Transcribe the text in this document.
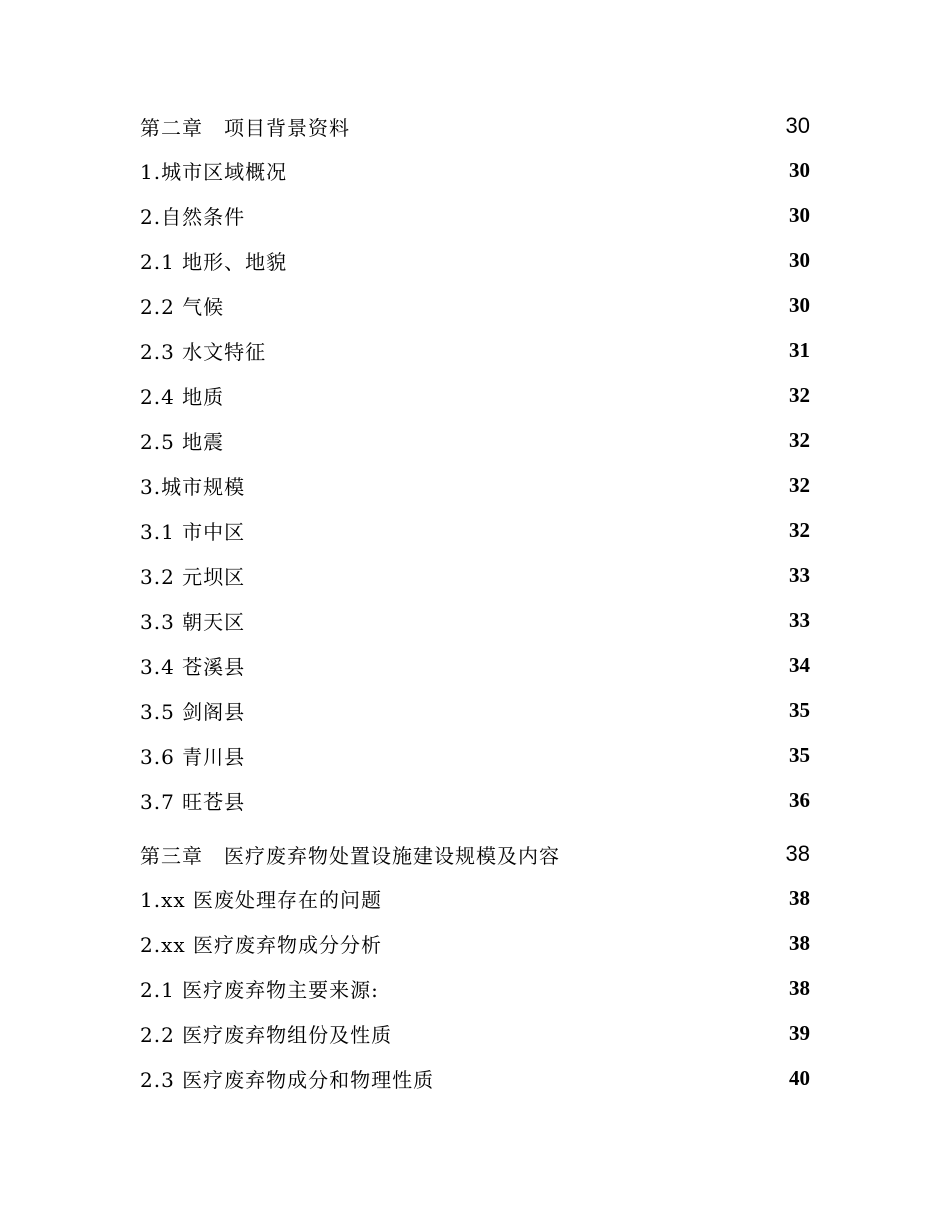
第二章　项目背景资料	30
1.城市区域概况	30
2.自然条件	30
2.1 地形、地貌	30
2.2 气候	30
2.3 水文特征	31
2.4 地质	32
2.5 地震	32
3.城市规模	32
3.1 市中区	32
3.2 元坝区	33
3.3 朝天区	33
3.4 苍溪县	34
3.5 剑阁县	35
3.6 青川县	35
3.7 旺苍县	36
第三章　医疗废弃物处置设施建设规模及内容	38
1.xx 医废处理存在的问题	38
2.xx 医疗废弃物成分分析	38
2.1 医疗废弃物主要来源:	38
2.2 医疗废弃物组份及性质	39
2.3 医疗废弃物成分和物理性质	40
